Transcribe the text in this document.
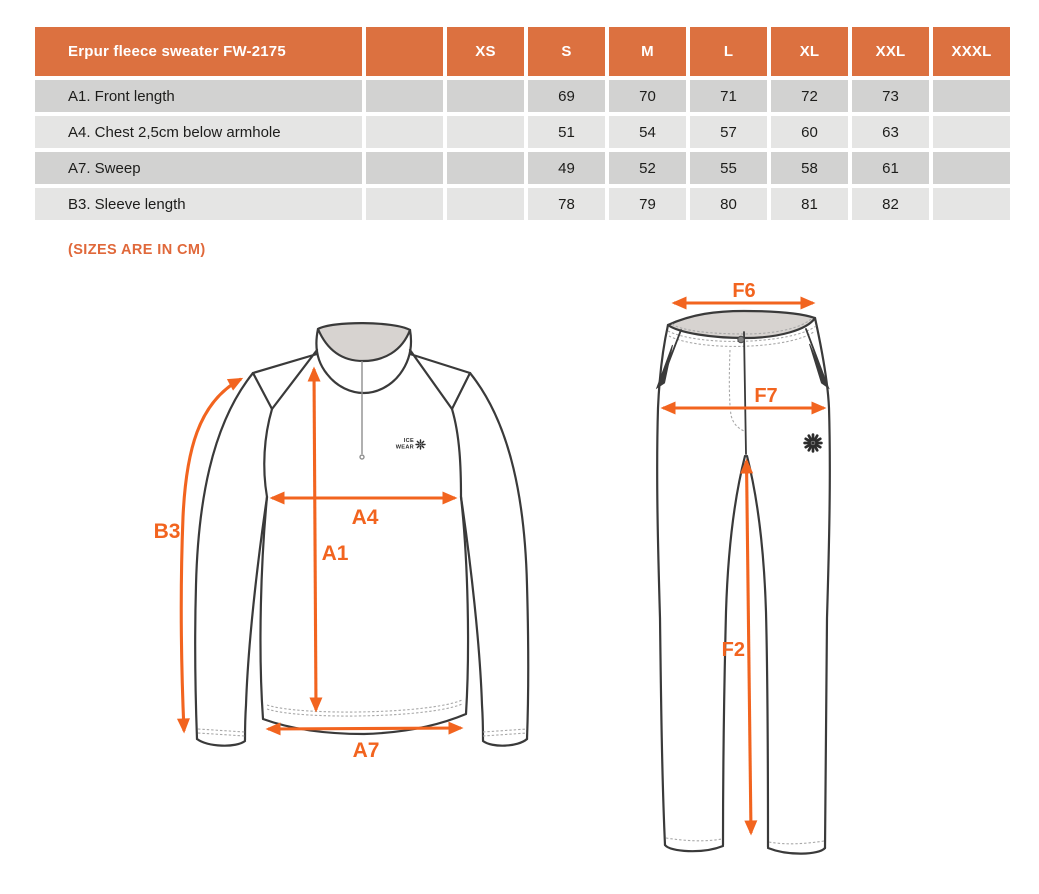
Erpur fleece sweater FW-2175		XS	S	M	L	XL	XXL	XXXL
A1. Front length			69	70	71	72	73	
A4. Chest 2,5cm below armhole			51	54	57	60	63	
A7. Sweep			49	52	55	58	61	
B3. Sleeve length			78	79	80	81	82	
(SIZES ARE IN CM)
ICE
WEAR
B3
A4
A1
A7
F6
F7
F2
